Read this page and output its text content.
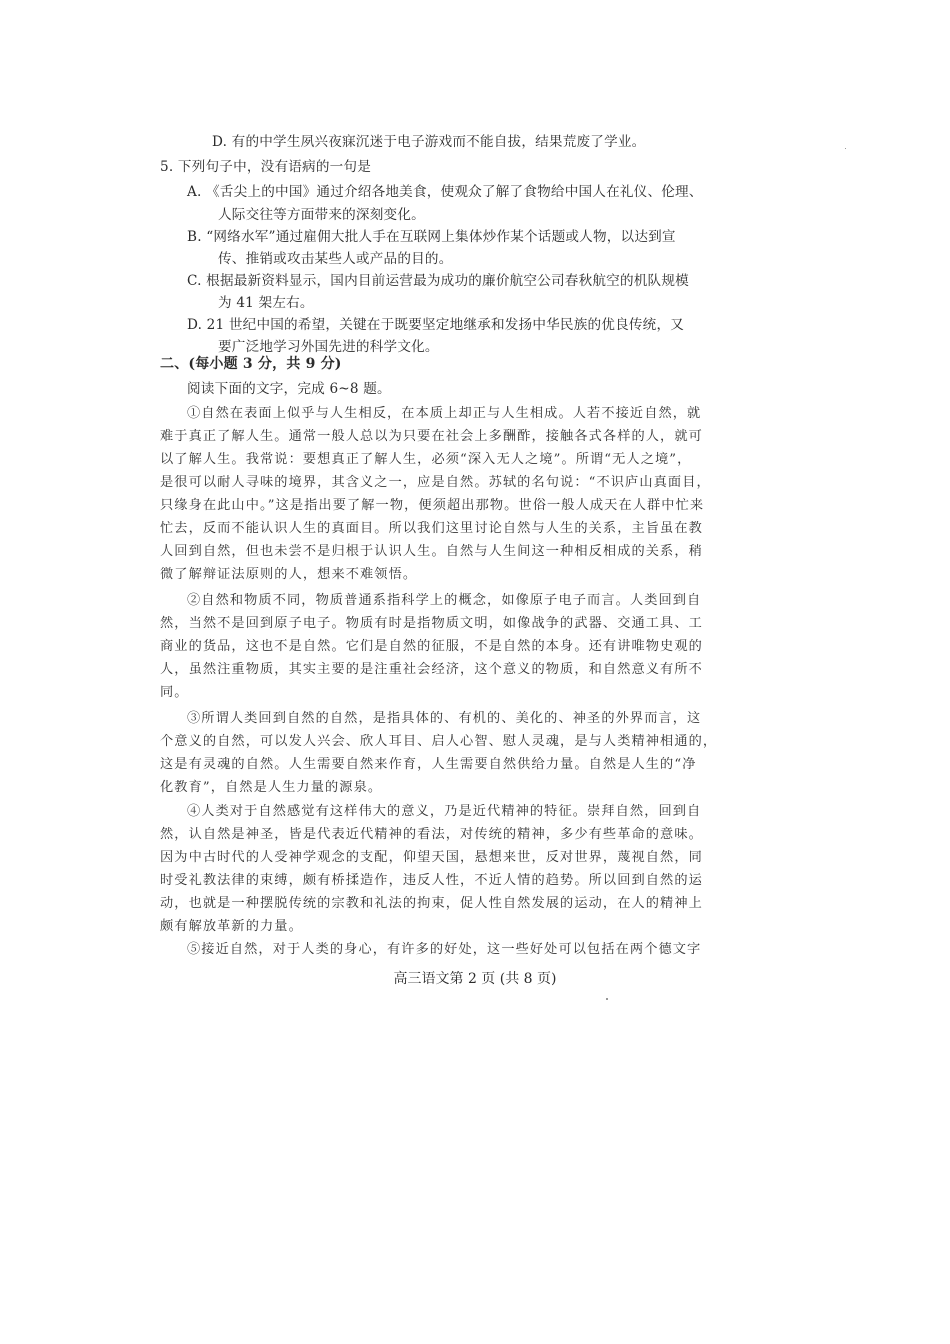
D. 有的中学生夙兴夜寐沉迷于电子游戏而不能自拔，结果荒废了学业。
5. 下列句子中，没有语病的一句是
A. 《舌尖上的中国》通过介绍各地美食，使观众了解了食物给中国人在礼仪、伦理、
人际交往等方面带来的深刻变化。
B. “网络水军”通过雇佣大批人手在互联网上集体炒作某个话题或人物，以达到宣
传、推销或攻击某些人或产品的目的。
C. 根据最新资料显示，国内目前运营最为成功的廉价航空公司春秋航空的机队规模
为 41 架左右。
D. 21 世纪中国的希望，关键在于既要坚定地继承和发扬中华民族的优良传统，又
要广泛地学习外国先进的科学文化。
二、(每小题 3 分，共 9 分)
阅读下面的文字，完成 6~8 题。
①自然在表面上似乎与人生相反，在本质上却正与人生相成。人若不接近自然，就
难于真正了解人生。通常一般人总以为只要在社会上多酬酢，接触各式各样的人，就可
以了解人生。我常说：要想真正了解人生，必须“深入无人之境”。所谓“无人之境”，
是很可以耐人寻味的境界，其含义之一，应是自然。苏轼的名句说：“不识庐山真面目，
只缘身在此山中。”这是指出要了解一物，便须超出那物。世俗一般人成天在人群中忙来
忙去，反而不能认识人生的真面目。所以我们这里讨论自然与人生的关系，主旨虽在教
人回到自然，但也未尝不是归根于认识人生。自然与人生间这一种相反相成的关系，稍
微了解辩证法原则的人，想来不难领悟。
②自然和物质不同，物质普通系指科学上的概念，如像原子电子而言。人类回到自
然，当然不是回到原子电子。物质有时是指物质文明，如像战争的武器、交通工具、工
商业的货品，这也不是自然。它们是自然的征服，不是自然的本身。还有讲唯物史观的
人，虽然注重物质，其实主要的是注重社会经济，这个意义的物质，和自然意义有所不
同。
③所谓人类回到自然的自然，是指具体的、有机的、美化的、神圣的外界而言，这
个意义的自然，可以发人兴会、欣人耳目、启人心智、慰人灵魂，是与人类精神相通的，
这是有灵魂的自然。人生需要自然来作育，人生需要自然供给力量。自然是人生的“净
化教育”，自然是人生力量的源泉。
④人类对于自然感觉有这样伟大的意义，乃是近代精神的特征。崇拜自然，回到自
然，认自然是神圣，皆是代表近代精神的看法，对传统的精神，多少有些革命的意味。
因为中古时代的人受神学观念的支配，仰望天国，悬想来世，反对世界，蔑视自然，同
时受礼教法律的束缚，颇有桥揉造作，违反人性，不近人情的趋势。所以回到自然的运
动，也就是一种摆脱传统的宗教和礼法的拘束，促人性自然发展的运动，在人的精神上
颇有解放革新的力量。
⑤接近自然，对于人类的身心，有许多的好处，这一些好处可以包括在两个德文字
高三语文第 2 页 (共 8 页)
